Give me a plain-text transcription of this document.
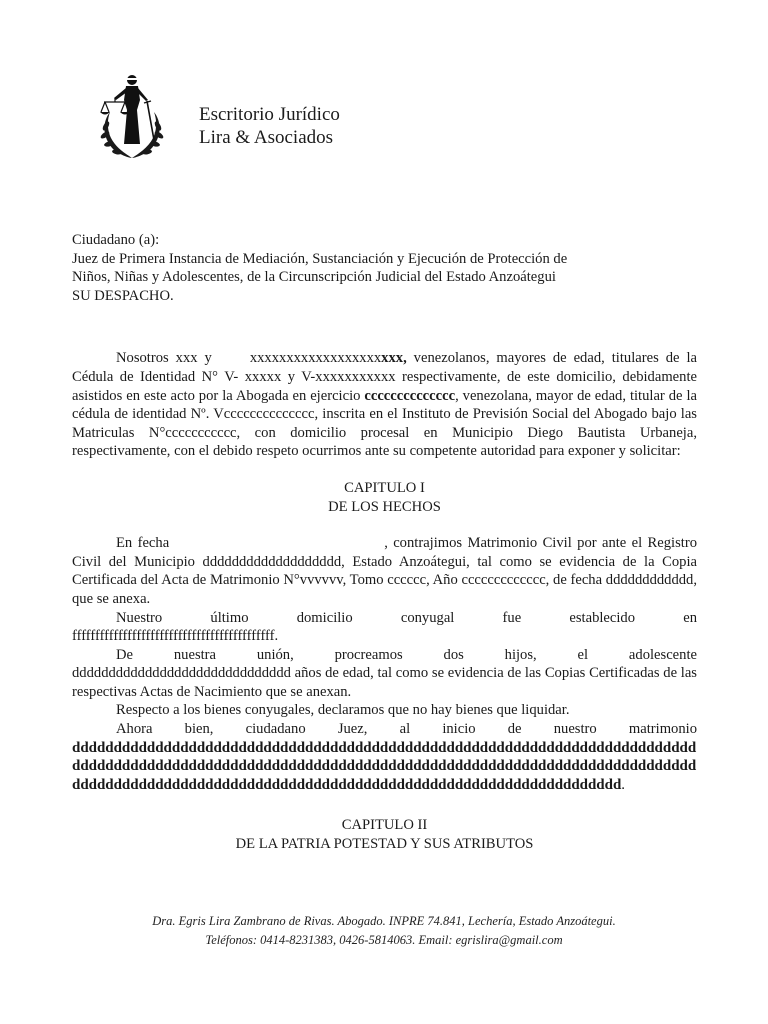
Escritorio Jurídico
Lira & Asociados
Ciudadano (a):
Juez de Primera Instancia de Mediación, Sustanciación y Ejecución de Protección de
Niños, Niñas y Adolescentes, de la Circunscripción Judicial del Estado Anzoátegui
SU DESPACHO.

Nosotros xxx y	xxxxxxxxxxxxxxxxxxxxx, venezolanos, mayores de edad, titulares de la Cédula de Identidad N° V- xxxxx y V-xxxxxxxxxxx respectivamente, de este domicilio, debidamente asistidos en este acto por la Abogada en ejercicio cccccccccccccc, venezolana, mayor de edad, titular de la cédula de identidad Nº. Vcccccccccccccc, inscrita en el Instituto de Previsión Social del Abogado bajo las Matriculas N°ccccccccccc, con domicilio procesal en Municipio Diego Bautista Urbaneja, respectivamente, con el debido respeto ocurrimos ante su competente autoridad para exponer y solicitar:

CAPITULO I
DE LOS HECHOS

En fecha	, contrajimos Matrimonio Civil por ante el Registro Civil del Municipio ddddddddddddddddddd, Estado Anzoátegui, tal como se evidencia de la Copia Certificada del Acta de Matrimonio N°vvvvvv, Tomo cccccc, Año ccccccccccccc, de fecha dddddddddddd, que se anexa.

Nuestro último domicilio conyugal fue establecido en

ffffffffffffffffffffffffffffffffffffffffffff.

De nuestra unión, procreamos dos hijos, el adolescente

dddddddddddddddddddddddddddddd años de edad, tal como se evidencia de las Copias Certificadas de las respectivas Actas de Nacimiento que se anexan.

Respecto a los bienes conyugales, declaramos que no hay bienes que liquidar.

Ahora bien, ciudadano Juez, al inicio de nuestro matrimonio

dddddddddddddddddddddddddddddddddddddddddddddddddddddddddddddddddddddddddddddddddddddddddddddddddddddddddddddddddddddddddddddddddddddddddddddddddddddddddddddddddddddddddddddddddddddddddddddddddddddddddddddddddddddddd.

CAPITULO II
DE LA PATRIA POTESTAD Y SUS ATRIBUTOS
Dra. Egris Lira Zambrano de Rivas. Abogado. INPRE 74.841, Lechería, Estado Anzoátegui.
Teléfonos: 0414-8231383, 0426-5814063. Email: egrislira@gmail.com
